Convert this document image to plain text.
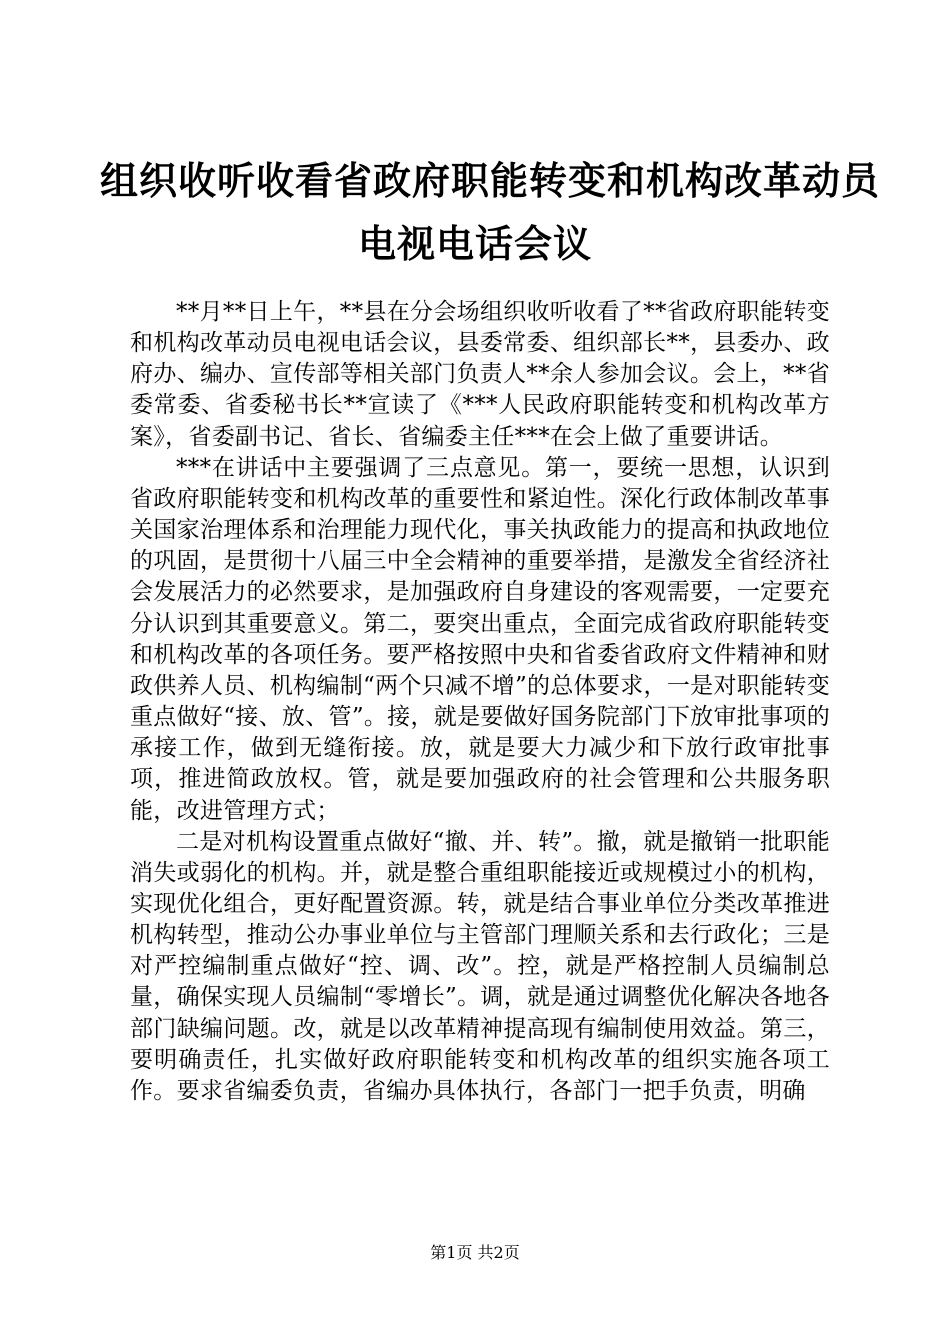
组织收听收看省政府职能转变和机构改革动员
电视电话会议

**月**日上午，**县在分会场组织收听收看了**省政府职能转变和机构改革动员电视电话会议，县委常委、组织部长**，县委办、政府办、编办、宣传部等相关部门负责人**余人参加会议。会上，**省委常委、省委秘书长**宣读了《***人民政府职能转变和机构改革方案》，省委副书记、省长、省编委主任***在会上做了重要讲话。

***在讲话中主要强调了三点意见。第一，要统一思想，认识到省政府职能转变和机构改革的重要性和紧迫性。深化行政体制改革事关国家治理体系和治理能力现代化，事关执政能力的提高和执政地位的巩固，是贯彻十八届三中全会精神的重要举措，是激发全省经济社会发展活力的必然要求，是加强政府自身建设的客观需要，一定要充分认识到其重要意义。第二，要突出重点，全面完成省政府职能转变和机构改革的各项任务。要严格按照中央和省委省政府文件精神和财政供养人员、机构编制“两个只减不增”的总体要求，一是对职能转变重点做好“接、放、管”。接，就是要做好国务院部门下放审批事项的承接工作，做到无缝衔接。放，就是要大力减少和下放行政审批事项，推进简政放权。管，就是要加强政府的社会管理和公共服务职能，改进管理方式；

二是对机构设置重点做好“撤、并、转”。撤，就是撤销一批职能消失或弱化的机构。并，就是整合重组职能接近或规模过小的机构，实现优化组合，更好配置资源。转，就是结合事业单位分类改革推进机构转型，推动公办事业单位与主管部门理顺关系和去行政化；三是对严控编制重点做好“控、调、改”。控，就是严格控制人员编制总量，确保实现人员编制“零增长”。调，就是通过调整优化解决各地各部门缺编问题。改，就是以改革精神提高现有编制使用效益。第三，要明确责任，扎实做好政府职能转变和机构改革的组织实施各项工作。要求省编委负责，省编办具体执行，各部门一把手负责，明确

第1页 共2页
